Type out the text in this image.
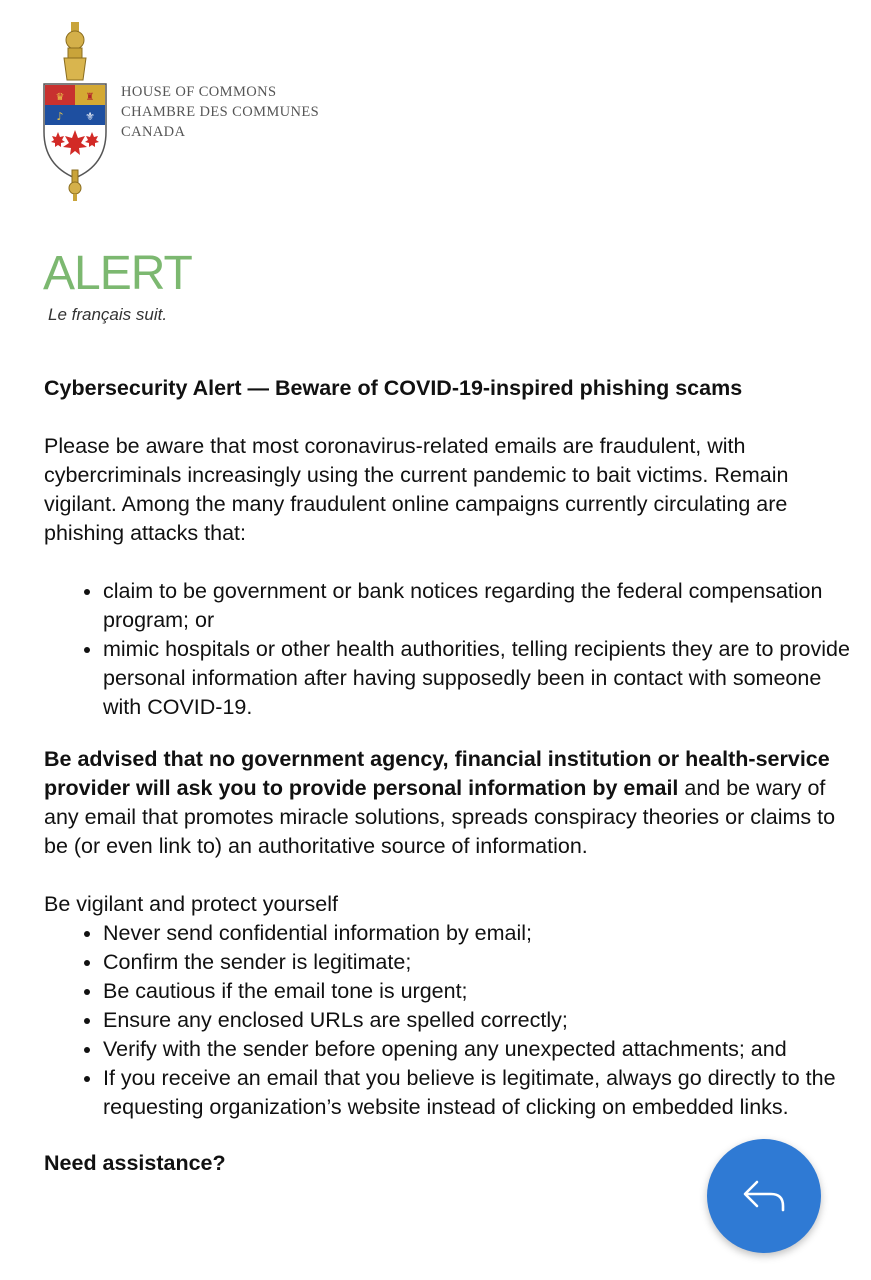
♛ ♜
♪ ⚜
HOUSE OF COMMONS
CHAMBRE DES COMMUNES
CANADA
ALERT
Le français suit.

Cybersecurity Alert — Beware of COVID-19-inspired phishing scams

Please be aware that most coronavirus-related emails are fraudulent, with cybercriminals increasingly using the current pandemic to bait victims. Remain vigilant. Among the many fraudulent online campaigns currently circulating are phishing attacks that:

• claim to be government or bank notices regarding the federal compensation program; or
• mimic hospitals or other health authorities, telling recipients they are to provide personal information after having supposedly been in contact with someone with COVID-19.

Be advised that no government agency, financial institution or health-service provider will ask you to provide personal information by email and be wary of any email that promotes miracle solutions, spreads conspiracy theories or claims to be (or even link to) an authoritative source of information.

Be vigilant and protect yourself

• Never send confidential information by email;
• Confirm the sender is legitimate;
• Be cautious if the email tone is urgent;
• Ensure any enclosed URLs are spelled correctly;
• Verify with the sender before opening any unexpected attachments; and
• If you receive an email that you believe is legitimate, always go directly to the requesting organization’s website instead of clicking on embedded links.

Need assistance?
